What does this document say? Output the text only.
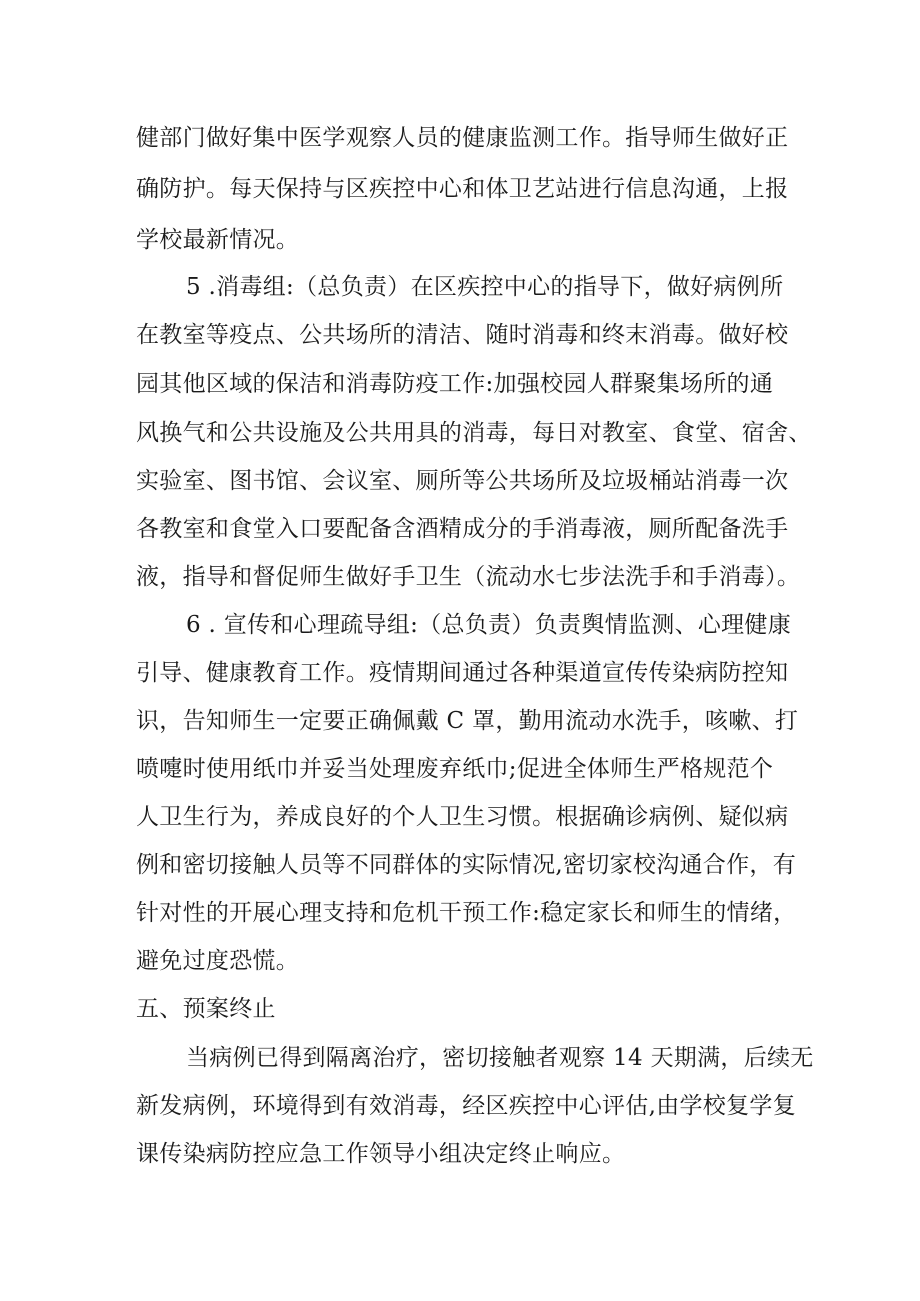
健部门做好集中医学观察人员的健康监测工作。指导师生做好正
确防护。每天保持与区疾控中心和体卫艺站进行信息沟通，上报
学校最新情况。
5 .消毒组:（总负责）在区疾控中心的指导下，做好病例所
在教室等疫点、公共场所的清洁、随时消毒和终末消毒。做好校
园其他区域的保洁和消毒防疫工作:加强校园人群聚集场所的通
风换气和公共设施及公共用具的消毒，每日对教室、食堂、宿舍、
实验室、图书馆、会议室、厕所等公共场所及垃圾桶站消毒一次
各教室和食堂入口要配备含酒精成分的手消毒液，厕所配备洗手
液，指导和督促师生做好手卫生（流动水七步法洗手和手消毒）。
6 . 宣传和心理疏导组:（总负责）负责舆情监测、心理健康
引导、健康教育工作。疫情期间通过各种渠道宣传传染病防控知
识，告知师生一定要正确佩戴 C 罩，勤用流动水洗手，咳嗽、打
喷嚏时使用纸巾并妥当处理废弃纸巾;促进全体师生严格规范个
人卫生行为，养成良好的个人卫生习惯。根据确诊病例、疑似病
例和密切接触人员等不同群体的实际情况,密切家校沟通合作，有
针对性的开展心理支持和危机干预工作:稳定家长和师生的情绪，
避免过度恐慌。
五、预案终止
当病例已得到隔离治疗，密切接触者观察 14 天期满，后续无
新发病例，环境得到有效消毒，经区疾控中心评估,由学校复学复
课传染病防控应急工作领导小组决定终止响应。
